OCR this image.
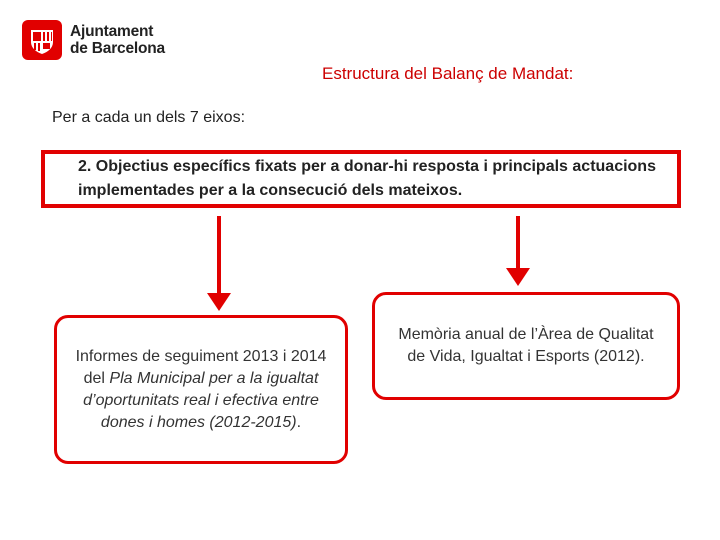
Ajuntament
de Barcelona
Estructura del Balanç de Mandat:
Per a cada un dels 7 eixos:
2. Objectius específics fixats per a donar-hi resposta i principals actuacions implementades per a la consecució dels mateixos.
Informes de seguiment 2013 i 2014 del Pla Municipal per a la igualtat d’oportunitats real i efectiva entre dones i homes (2012-2015).
Memòria anual de l’Àrea de Qualitat de Vida, Igualtat i Esports (2012).
